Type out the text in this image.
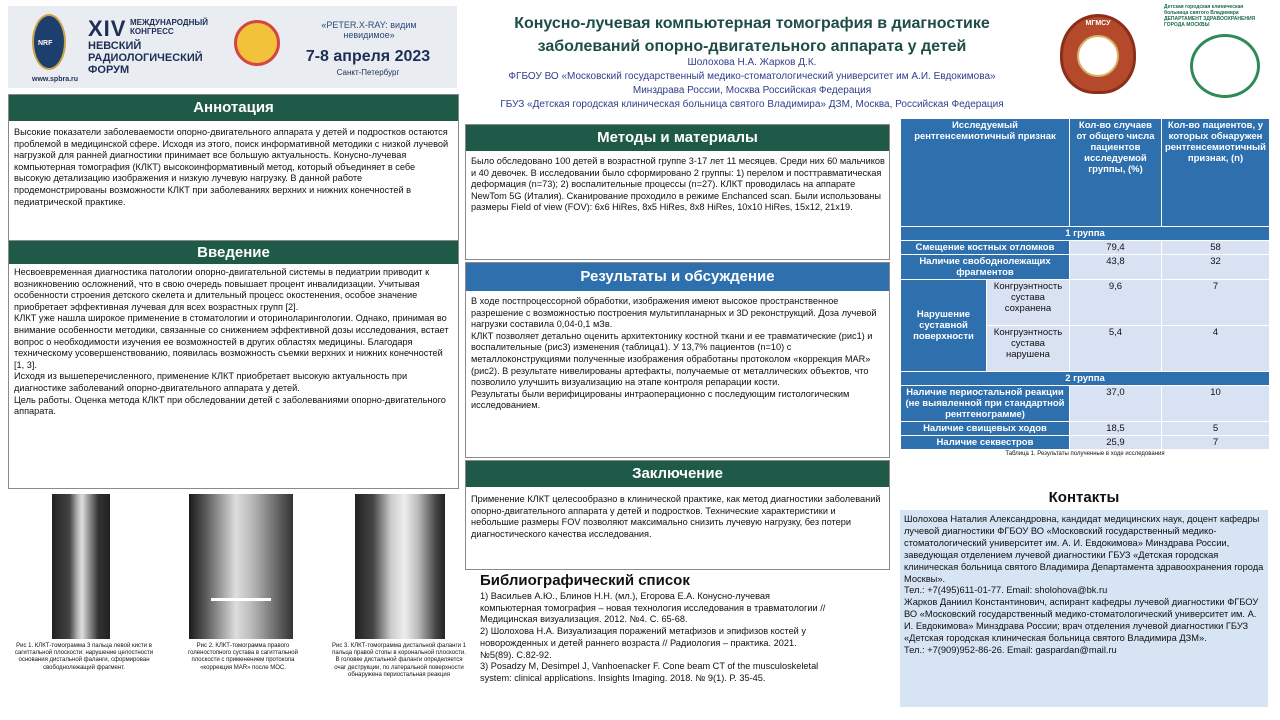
NRF
XIV МЕЖДУНАРОДНЫЙ КОНГРЕСС
НЕВСКИЙ РАДИОЛОГИЧЕСКИЙ ФОРУМ
www.spbra.ru
«PETER.X-RAY: видим невидимое»
7-8 апреля 2023
Санкт-Петербург
Конусно-лучевая компьютерная томография в диагностике
заболеваний опорно-двигательного аппарата у детей
Шолохова Н.А. Жарков Д.К.
ФГБОУ ВО «Московский государственный медико-стоматологический университет им А.И. Евдокимова»
Минздрава России, Москва Российская Федерация
ГБУЗ «Детская городская клиническая больница святого Владимира» ДЗМ, Москва, Российская Федерация
МГМСУ
Детская городская клиническая
больница святого Владимира
ДЕПАРТАМЕНТ ЗДРАВООХРАНЕНИЯ
ГОРОДА МОСКВЫ
Аннотация
Высокие показатели заболеваемости опорно-двигательного аппарата у детей и подростков остаются проблемой в медицинской сфере. Исходя из этого, поиск информативной методики с низкой лучевой нагрузкой для ранней диагностики принимает все большую актуальность. Конусно-лучевая компьютерная томография (КЛКТ) высокоинформативный метод, который объединяет в себе высокую детализацию изображения и низкую лучевую нагрузку. В данной работе продемонстрированы возможности КЛКТ при заболеваниях верхних и нижних конечностей в педиатрической практике.
Введение
Несвоевременная диагностика патологии опорно-двигательной системы в педиатрии приводит к возникновению осложнений, что в свою очередь повышает процент инвалидизации. Учитывая особенности строения детского скелета и длительный процесс окостенения, особое значение приобретает эффективная лучевая для всех возрастных групп [2].
КЛКТ уже нашла широкое применение в стоматологии и оториноларингологии. Однако, принимая во внимание особенности методики, связанные со снижением эффективной дозы исследования, встает вопрос о необходимости изучения ее возможностей в других областях медицины. Благодаря техническому усовершенствованию, появилась возможность съемки верхних и нижних конечностей [1, 3].
Исходя из вышеперечисленного, применение КЛКТ приобретает высокую актуальность при диагностике заболеваний опорно-двигательного аппарата у детей.
Цель работы. Оценка метода КЛКТ при обследовании детей с заболеваниями опорно-двигательного аппарата.
Рис 1. КЛКТ-томограмма 3 пальца левой кисти в сагиттальной плоскости: нарушение целостности основания дистальной фаланги, сформирован свободнолежащий фрагмент.
Рис 2. КЛКТ-томограмма правого голеностопного сустава в сагиттальной плоскости с применением протокола «коррекция MAR» после МОС.
Рис 3. КЛКТ-томограмма дистальной фаланги 1 пальца правой стопы в корональной плоскости. В головке дистальной фаланги определяется очаг деструкции, по латеральной поверхности обнаружена периостальная реакция
Методы и материалы
Было обследовано 100 детей в возрастной группе 3-17 лет 11 месяцев. Среди них 60 мальчиков и 40 девочек. В исследовании было сформировано 2 группы: 1) перелом и посттравматическая деформация (n=73); 2) воспалительные процессы (n=27). КЛКТ проводилась на аппарате NewTom 5G (Италия). Сканирование проходило в режиме Enchanced scan. Были использованы размеры Field of view (FOV): 6х6 HiRes, 8х5 HiRes, 8х8 HiRes, 10х10 HiRes, 15х12, 21х19.
Результаты и обсуждение
В ходе постпроцессорной обработки, изображения имеют высокое пространственное разрешение с возможностью построения мультипланарных и 3D реконструкций. Доза лучевой нагрузки составила 0,04-0,1 мЗв.
КЛКТ позволяет детально оценить архитектонику костной ткани и ее травматические (рис1) и воспалительные (рис3) изменения (таблица1). У 13,7% пациентов (n=10) с металлоконструкциями полученные изображения обработаны протоколом «коррекция MAR» (рис2). В результате нивелированы артефакты, получаемые от металлических объектов, что позволило улучшить визуализацию на этапе контроля репарации кости.
Результаты были верифицированы интраоперационно с последующим гистологическим исследованием.
Заключение
Применение КЛКТ целесообразно в клинической практике, как метод диагностики заболеваний опорно-двигательного аппарата у детей и подростков. Технические характеристики и небольшие размеры FOV позволяют максимально снизить лучевую нагрузку, без потери диагностического качества исследования.
Библиографический список
1) Васильев А.Ю., Блинов Н.Н. (мл.), Егорова Е.А. Конусно-лучевая компьютерная томография – новая технология исследования в травматологии // Медицинская визуализация. 2012. №4. С. 65-68.
2) Шолохова Н.А. Визуализация поражений метафизов и эпифизов костей у новорожденных и детей раннего возраста // Радиология – практика. 2021. №5(89). С.82-92.
3) Posadzy M, Desimpel J, Vanhoenacker F. Cone beam CT of the musculoskeletal system: clinical applications. Insights Imaging. 2018. № 9(1). P. 35-45.
Исследуемый рентгенсемиотичный признак		Кол-во случаев от общего числа пациентов исследуемой группы, (%)	Кол-во пациентов, у которых обнаружен рентгенсемиотичный признак, (n)
1 группа			
Смещение костных отломков		79,4	58
Наличие свободнолежащих фрагментов		43,8	32
Нарушение суставной поверхности	Конгруэнтность сустава сохранена	9,6	7
	Конгруэнтность сустава нарушена	5,4	4
2 группа			
Наличие периостальной реакции (не выявленной при стандартной рентгенограмме)		37,0	10
Наличие свищевых ходов		18,5	5
Наличие секвестров		25,9	7
Таблица 1. Результаты полученные в ходе исследования
Контакты
Шолохова Наталия Александровна, кандидат медицинских наук, доцент кафедры лучевой диагностики ФГБОУ ВО «Московский государственный медико-стоматологический университет им. А. И. Евдокимова» Минздрава России, заведующая отделением лучевой диагностики ГБУЗ «Детская городская клиническая больница святого Владимира Департамента здравоохранения города Москвы».
Тел.: +7(495)611-01-77. Email: sholohova@bk.ru
Жарков Даниил Константинович, аспирант кафедры лучевой диагностики ФГБОУ ВО «Московский государственный медико-стоматологический университет им. А. И. Евдокимова» Минздрава России; врач отделения лучевой диагностики ГБУЗ «Детская городская клиническая больница святого Владимира ДЗМ».
Тел.: +7(909)952-86-26. Email: gaspardan@mail.ru
